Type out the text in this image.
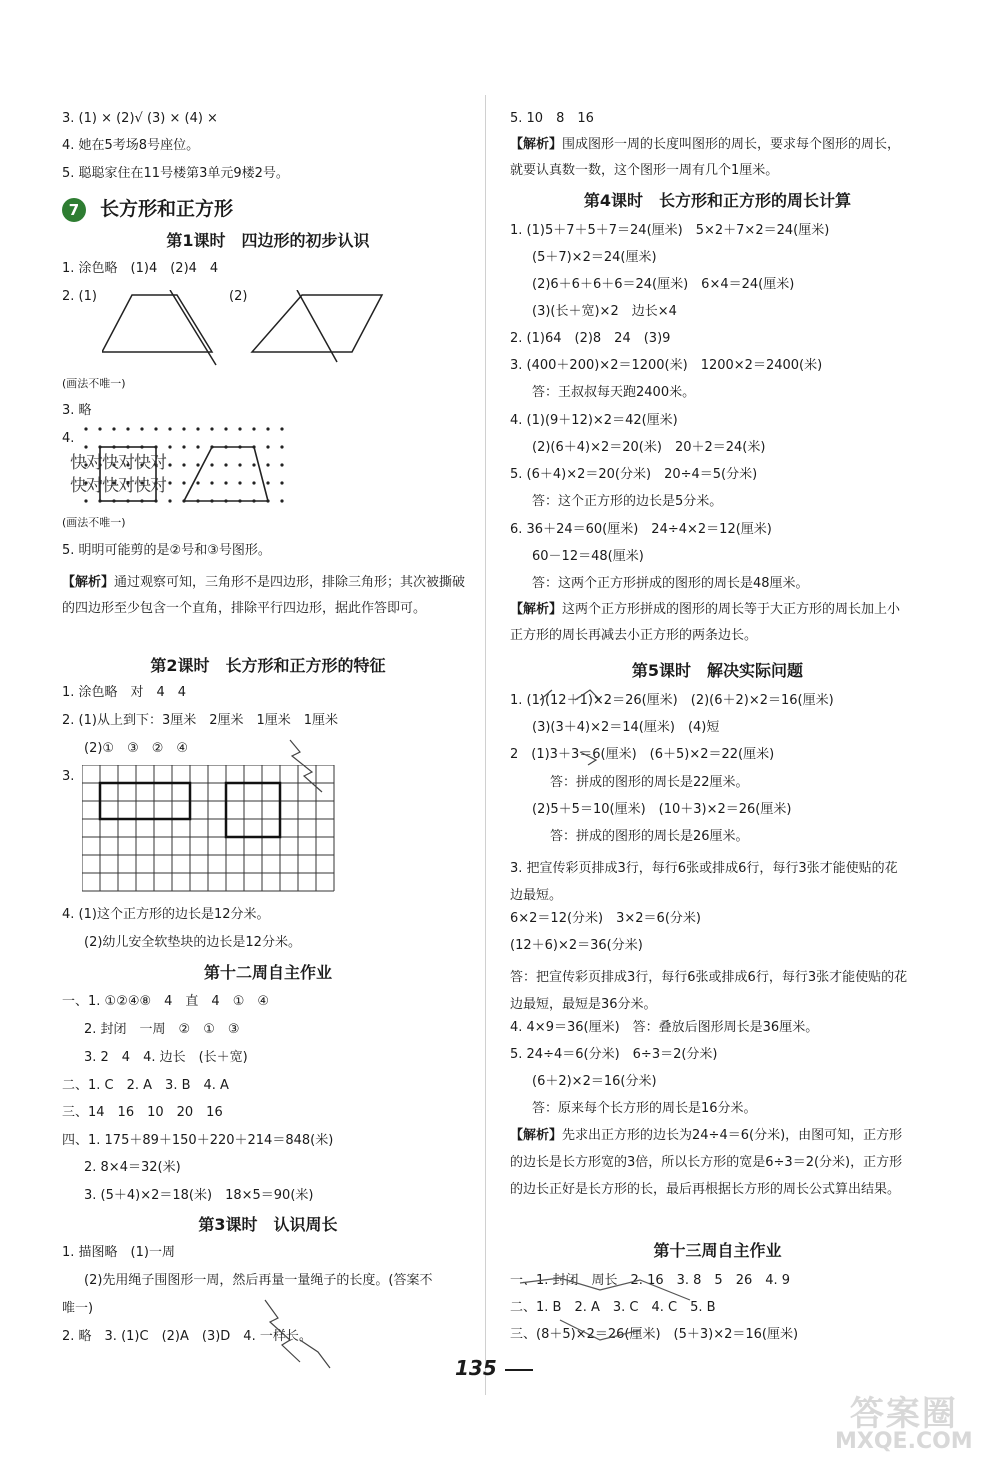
3. (1) × (2)√ (3) × (4) ×
4. 她在5考场8号座位。
5. 聪聪家住在11号楼第3单元9楼2号。
7 长方形和正方形
第1课时　四边形的初步认识
1. 涂色略　(1)4　(2)4　4
2. (1)	(2)
(画法不唯一)
3. 略
4.
快对快对快对
快对快对快对
(画法不唯一)
5. 明明可能剪的是②号和③号图形。
【解析】通过观察可知，三角形不是四边形，排除三角形；其次被撕破的四边形至少包含一个直角，排除平行四边形，据此作答即可。
第2课时　长方形和正方形的特征
1. 涂色略　对　4　4
2. (1)从上到下：3厘米　2厘米　1厘米　1厘米
(2)①　③　②　④
3.
4. (1)这个正方形的边长是12分米。
(2)幼儿安全软垫块的边长是12分米。
第十二周自主作业
一、1. ①②④⑧　4　直　4　①　④
2. 封闭　一周　②　①　③
3. 2　4　4. 边长　(长＋宽)
二、1. C　2. A　3. B　4. A
三、14　16　10　20　16
四、1. 175＋89＋150＋220＋214＝848(米)
2. 8×4＝32(米)
3. (5＋4)×2＝18(米)　18×5＝90(米)
第3课时　认识周长
1. 描图略　(1)一周
(2)先用绳子围图形一周，然后再量一量绳子的长度。(答案不
唯一)
2. 略　3. (1)C　(2)A　(3)D　4. 一样长。
5. 10　8　16
【解析】围成图形一周的长度叫图形的周长，要求每个图形的周长，就要认真数一数，这个图形一周有几个1厘米。
第4课时　长方形和正方形的周长计算
1. (1)5＋7＋5＋7＝24(厘米)　5×2＋7×2＝24(厘米)
(5＋7)×2＝24(厘米)
(2)6＋6＋6＋6＝24(厘米)　6×4＝24(厘米)
(3)(长＋宽)×2　边长×4
2. (1)64　(2)8　24　(3)9
3. (400＋200)×2＝1200(米)　1200×2＝2400(米)
答：王叔叔每天跑2400米。
4. (1)(9＋12)×2＝42(厘米)
(2)(6＋4)×2＝20(米)　20＋2＝24(米)
5. (6＋4)×2＝20(分米)　20÷4＝5(分米)
答：这个正方形的边长是5分米。
6. 36＋24＝60(厘米)　24÷4×2＝12(厘米)
60－12＝48(厘米)
答：这两个正方形拼成的图形的周长是48厘米。
【解析】这两个正方形拼成的图形的周长等于大正方形的周长加上小正方形的周长再减去小正方形的两条边长。
第5课时　解决实际问题
1. (1)(12＋1)×2＝26(厘米)　(2)(6＋2)×2＝16(厘米)
(3)(3＋4)×2＝14(厘米)　(4)短
2　(1)3＋3＝6(厘米)　(6＋5)×2＝22(厘米)
答：拼成的图形的周长是22厘米。
(2)5＋5＝10(厘米)　(10＋3)×2＝26(厘米)
答：拼成的图形的周长是26厘米。
3. 把宣传彩页排成3行，每行6张或排成6行，每行3张才能使贴的花边最短。
6×2＝12(分米)　3×2＝6(分米)
(12＋6)×2＝36(分米)
答：把宣传彩页排成3行，每行6张或排成6行，每行3张才能使贴的花边最短，最短是36分米。
4. 4×9＝36(厘米)　答：叠放后图形周长是36厘米。
5. 24÷4＝6(分米)　6÷3＝2(分米)
(6＋2)×2＝16(分米)
答：原来每个长方形的周长是16分米。
【解析】先求出正方形的边长为24÷4＝6(分米)，由图可知，正方形的边长是长方形宽的3倍，所以长方形的宽是6÷3＝2(分米)，正方形的边长正好是长方形的长，最后再根据长方形的周长公式算出结果。
第十三周自主作业
一、1. 封闭　周长　2. 16　3. 8　5　26　4. 9
二、1. B　2. A　3. C　4. C　5. B
三、(8＋5)×2＝26(厘米)　(5＋3)×2＝16(厘米)
135
答案圈
MXQE.COM
